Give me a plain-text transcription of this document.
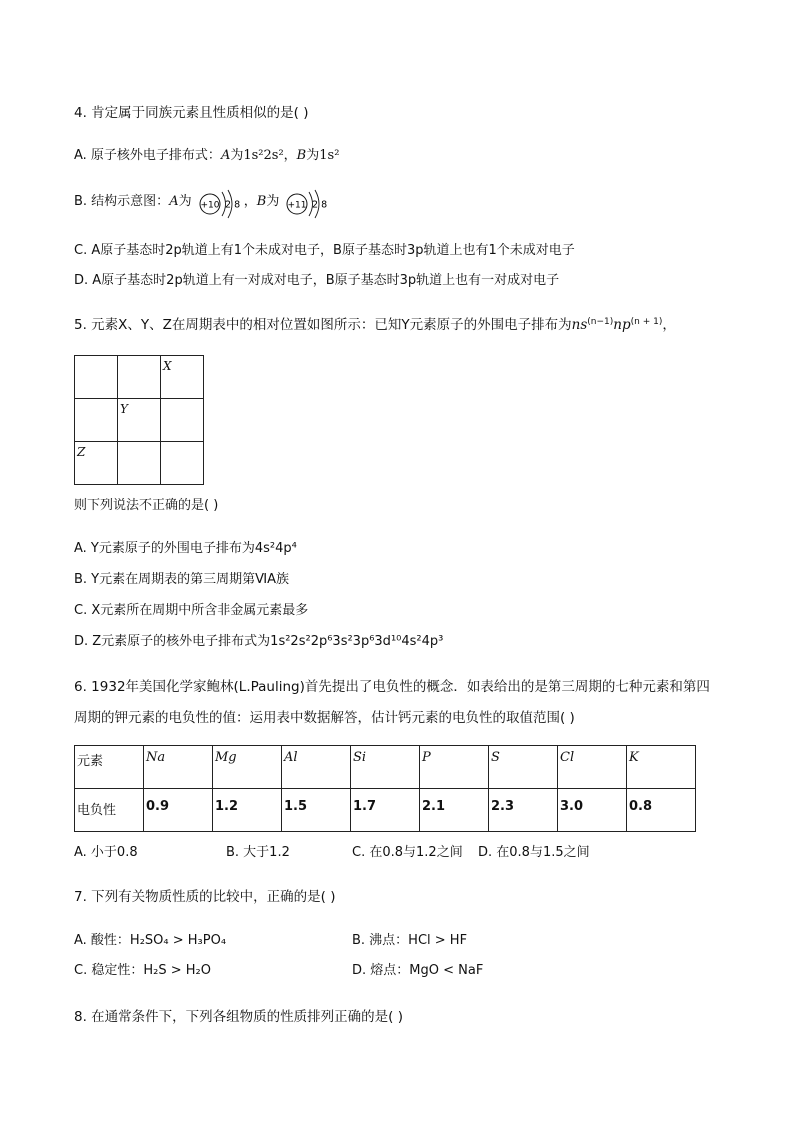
4. 肯定属于同族元素且性质相似的是( )
A. 原子核外电子排布式：A为1s²2s²，B为1s²
B. 结构示意图：A为 +10 2 8 ，B为 +11 2 8
C. A原子基态时2p轨道上有1个未成对电子，B原子基态时3p轨道上也有1个未成对电子
D. A原子基态时2p轨道上有一对成对电子，B原子基态时3p轨道上也有一对成对电子
5. 元素X、Y、Z在周期表中的相对位置如图所示：已知Y元素原子的外围电子排布为$ns^{(n-1)}np^{(n + 1)}$，

		X

	Y	

Z		

则下列说法不正确的是( )
A. Y元素原子的外围电子排布为4s²4p⁴
B. Y元素在周期表的第三周期第ⅥA族
C. X元素所在周期中所含非金属元素最多
D. Z元素原子的核外电子排布式为1s²2s²2p⁶3s²3p⁶3d¹⁰4s²4p³
6. 1932年美国化学家鲍林(L.Pauling)首先提出了电负性的概念．如表给出的是第三周期的七种元素和第四
周期的钾元素的电负性的值：运用表中数据解答，估计钙元素的电负性的取值范围( )
元素	Na	Mg	Al	Si	P	S	Cl	K

电负性	0.9	1.2	1.5	1.7	2.1	2.3	3.0	0.8
A. 小于0.8	B. 大于1.2	C. 在0.8与1.2之间 D. 在0.8与1.5之间
7. 下列有关物质性质的比较中，正确的是( )
A. 酸性：H₂SO₄ > H₃PO₄	B. 沸点：HCl > HF
C. 稳定性：H₂S > H₂O	D. 熔点：MgO < NaF
8. 在通常条件下，下列各组物质的性质排列正确的是( )
